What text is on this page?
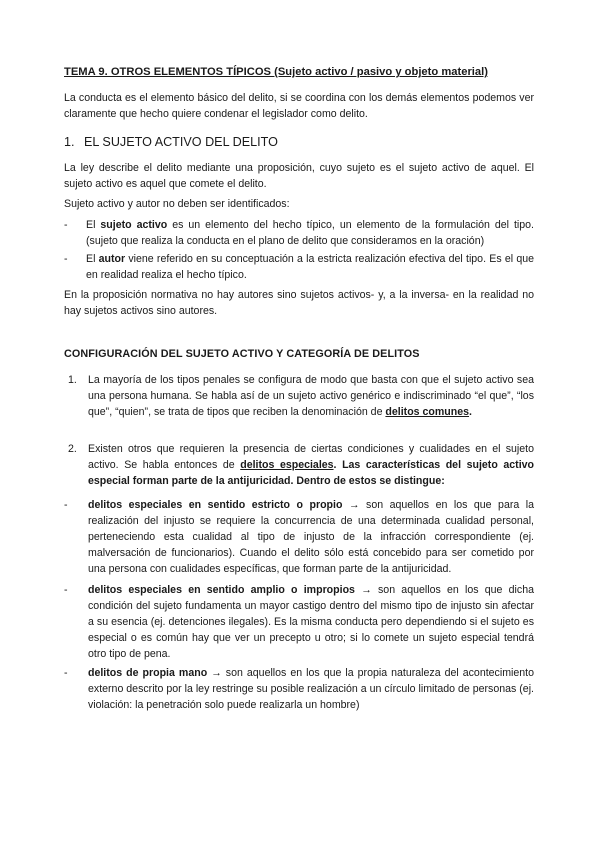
TEMA 9. OTROS ELEMENTOS TÍPICOS (Sujeto activo / pasivo y objeto material)

La conducta es el elemento básico del delito, si se coordina con los demás elementos podemos ver claramente que hecho quiere condenar el legislador como delito.

1. EL SUJETO ACTIVO DEL DELITO

La ley describe el delito mediante una proposición, cuyo sujeto es el sujeto activo de aquel. El sujeto activo es aquel que comete el delito.

Sujeto activo y autor no deben ser identificados:

- El sujeto activo es un elemento del hecho típico, un elemento de la formulación del tipo. (sujeto que realiza la conducta en el plano de delito que consideramos en la oración)
- El autor viene referido en su conceptuación a la estricta realización efectiva del tipo. Es el que en realidad realiza el hecho típico.

En la proposición normativa no hay autores sino sujetos activos- y, a la inversa- en la realidad no hay sujetos activos sino autores.

CONFIGURACIÓN DEL SUJETO ACTIVO Y CATEGORÍA DE DELITOS

1. La mayoría de los tipos penales se configura de modo que basta con que el sujeto activo sea una persona humana. Se habla así de un sujeto activo genérico e indiscriminado “el que”, “los que”, “quien”, se trata de tipos que reciben la denominación de delitos comunes.
2. Existen otros que requieren la presencia de ciertas condiciones y cualidades en el sujeto activo. Se habla entonces de delitos especiales. Las características del sujeto activo especial forman parte de la antijuricidad. Dentro de estos se distingue:
- delitos especiales en sentido estricto o propio → son aquellos en los que para la realización del injusto se requiere la concurrencia de una determinada cualidad personal, perteneciendo esta cualidad al tipo de injusto de la infracción correspondiente (ej. malversación de funcionarios). Cuando el delito sólo está concebido para ser cometido por una persona con cualidades específicas, que forman parte de la antijuricidad.
- delitos especiales en sentido amplio o impropios → son aquellos en los que dicha condición del sujeto fundamenta un mayor castigo dentro del mismo tipo de injusto sin afectar a su esencia (ej. detenciones ilegales). Es la misma conducta pero dependiendo si el sujeto es especial o es común hay que ver un precepto u otro; si lo comete un sujeto especial tendrá otro tipo de pena.
- delitos de propia mano → son aquellos en los que la propia naturaleza del acontecimiento externo descrito por la ley restringe su posible realización a un círculo limitado de personas (ej. violación: la penetración solo puede realizarla un hombre)
